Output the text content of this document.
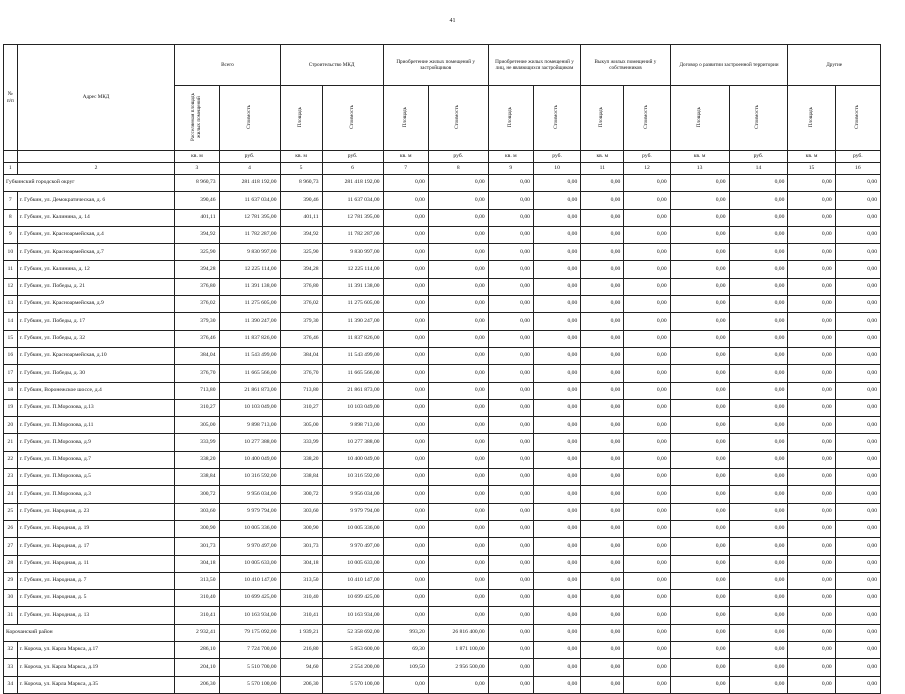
41
№ п/п	Адрес МКД	Всего		Строительство МКД		Приобретение жилых помещений у застройщиков		Приобретение жилых помещений у лиц, не являющихся застройщиком		Выкуп жилых помещений у собственников		Договор о развитии застроенной территории		Другие	
		Расселяемая площадь жилых помещений	Стоимость	Площадь	Стоимость	Площадь	Стоимость	Площадь	Стоимость	Площадь	Стоимость	Площадь	Стоимость	Площадь	Стоимость
		кв. м	руб.	кв. м	руб.	кв. м	руб.	кв. м	руб.	кв. м	руб.	кв. м	руб.	кв. м	руб.
1	2	3	4	5	6	7	8	9	10	11	12	13	14	15	16
Губкинский городской округ		8 960,73	281 418 192,00	8 960,73	281 418 192,00	0,00	0,00	0,00	0,00	0,00	0,00	0,00	0,00	0,00	0,00
7	г. Губкин, ул. Демократическая, д. 6	390,46	11 637 034,00	390,46	11 637 034,00	0,00	0,00	0,00	0,00	0,00	0,00	0,00	0,00	0,00	0,00
8	г. Губкин, ул. Калинина, д. 14	401,11	12 781 395,00	401,11	12 781 395,00	0,00	0,00	0,00	0,00	0,00	0,00	0,00	0,00	0,00	0,00
9	г. Губкин, ул. Красноармейская, д.4	394,92	11 782 287,00	394,92	11 782 287,00	0,00	0,00	0,00	0,00	0,00	0,00	0,00	0,00	0,00	0,00
10	г. Губкин, ул. Красноармейская, д.7	325,90	9 830 997,00	325,90	9 830 997,00	0,00	0,00	0,00	0,00	0,00	0,00	0,00	0,00	0,00	0,00
11	г. Губкин, ул. Калинина, д. 12	394,28	12 225 114,00	394,28	12 225 114,00	0,00	0,00	0,00	0,00	0,00	0,00	0,00	0,00	0,00	0,00
12	г. Губкин, ул. Победы, д. 21	376,80	11 391 138,00	376,80	11 391 138,00	0,00	0,00	0,00	0,00	0,00	0,00	0,00	0,00	0,00	0,00
13	г. Губкин, ул. Красноармейская, д.9	376,02	11 275 605,00	376,02	11 275 605,00	0,00	0,00	0,00	0,00	0,00	0,00	0,00	0,00	0,00	0,00
14	г. Губкин, ул. Победы, д. 17	379,30	11 390 247,00	379,30	11 390 247,00	0,00	0,00	0,00	0,00	0,00	0,00	0,00	0,00	0,00	0,00
15	г. Губкин, ул. Победы, д. 32	376,46	11 837 826,00	376,46	11 837 826,00	0,00	0,00	0,00	0,00	0,00	0,00	0,00	0,00	0,00	0,00
16	г. Губкин, ул. Красноармейская, д.10	384,04	11 543 499,00	384,04	11 543 499,00	0,00	0,00	0,00	0,00	0,00	0,00	0,00	0,00	0,00	0,00
17	г. Губкин, ул. Победы, д. 30	376,70	11 665 566,00	376,70	11 665 566,00	0,00	0,00	0,00	0,00	0,00	0,00	0,00	0,00	0,00	0,00
18	г. Губкин, Воронежское шоссе, д.4	713,80	21 861 873,00	713,80	21 861 873,00	0,00	0,00	0,00	0,00	0,00	0,00	0,00	0,00	0,00	0,00
19	г. Губкин, ул. П.Морозова, д.13	310,27	10 103 049,00	310,27	10 103 049,00	0,00	0,00	0,00	0,00	0,00	0,00	0,00	0,00	0,00	0,00
20	г. Губкин, ул. П.Морозова, д.11	305,00	9 898 713,00	305,00	9 898 713,00	0,00	0,00	0,00	0,00	0,00	0,00	0,00	0,00	0,00	0,00
21	г. Губкин, ул. П.Морозова, д.9	333,99	10 277 388,00	333,99	10 277 388,00	0,00	0,00	0,00	0,00	0,00	0,00	0,00	0,00	0,00	0,00
22	г. Губкин, ул. П.Морозова, д.7	338,20	10 400 049,00	338,20	10 400 049,00	0,00	0,00	0,00	0,00	0,00	0,00	0,00	0,00	0,00	0,00
23	г. Губкин, ул. П.Морозова, д.5	338,84	10 316 592,00	338,84	10 316 592,00	0,00	0,00	0,00	0,00	0,00	0,00	0,00	0,00	0,00	0,00
24	г. Губкин, ул. П.Морозова, д.3	300,72	9 956 034,00	300,72	9 956 034,00	0,00	0,00	0,00	0,00	0,00	0,00	0,00	0,00	0,00	0,00
25	г. Губкин, ул. Народная, д. 23	303,60	9 979 794,00	303,60	9 979 794,00	0,00	0,00	0,00	0,00	0,00	0,00	0,00	0,00	0,00	0,00
26	г. Губкин, ул. Народная, д. 19	300,90	10 005 336,00	300,90	10 005 336,00	0,00	0,00	0,00	0,00	0,00	0,00	0,00	0,00	0,00	0,00
27	г. Губкин, ул. Народная, д. 17	301,73	9 970 497,00	301,73	9 970 497,00	0,00	0,00	0,00	0,00	0,00	0,00	0,00	0,00	0,00	0,00
28	г. Губкин, ул. Народная, д. 11	304,18	10 005 633,00	304,18	10 005 633,00	0,00	0,00	0,00	0,00	0,00	0,00	0,00	0,00	0,00	0,00
29	г. Губкин, ул. Народная, д. 7	313,50	10 410 147,00	313,50	10 410 147,00	0,00	0,00	0,00	0,00	0,00	0,00	0,00	0,00	0,00	0,00
30	г. Губкин, ул. Народная, д. 5	310,40	10 699 425,00	310,40	10 699 425,00	0,00	0,00	0,00	0,00	0,00	0,00	0,00	0,00	0,00	0,00
31	г. Губкин, ул. Народная, д. 13	310,41	10 163 934,00	310,41	10 163 934,00	0,00	0,00	0,00	0,00	0,00	0,00	0,00	0,00	0,00	0,00
Корочанский район		2 932,41	79 175 092,00	1 939,21	52 358 692,00	993,20	26 816 400,00	0,00	0,00	0,00	0,00	0,00	0,00	0,00	0,00
32	г. Короча, ул. Карла Маркса, д.17	286,10	7 724 700,00	216,80	5 853 600,00	69,30	1 871 100,00	0,00	0,00	0,00	0,00	0,00	0,00	0,00	0,00
33	г. Короча, ул. Карла Маркса, д.19	204,10	5 510 700,00	94,60	2 554 200,00	109,50	2 956 500,00	0,00	0,00	0,00	0,00	0,00	0,00	0,00	0,00
34	г. Короча, ул. Карла Маркса, д.35	206,30	5 570 100,00	206,30	5 570 100,00	0,00	0,00	0,00	0,00	0,00	0,00	0,00	0,00	0,00	0,00
